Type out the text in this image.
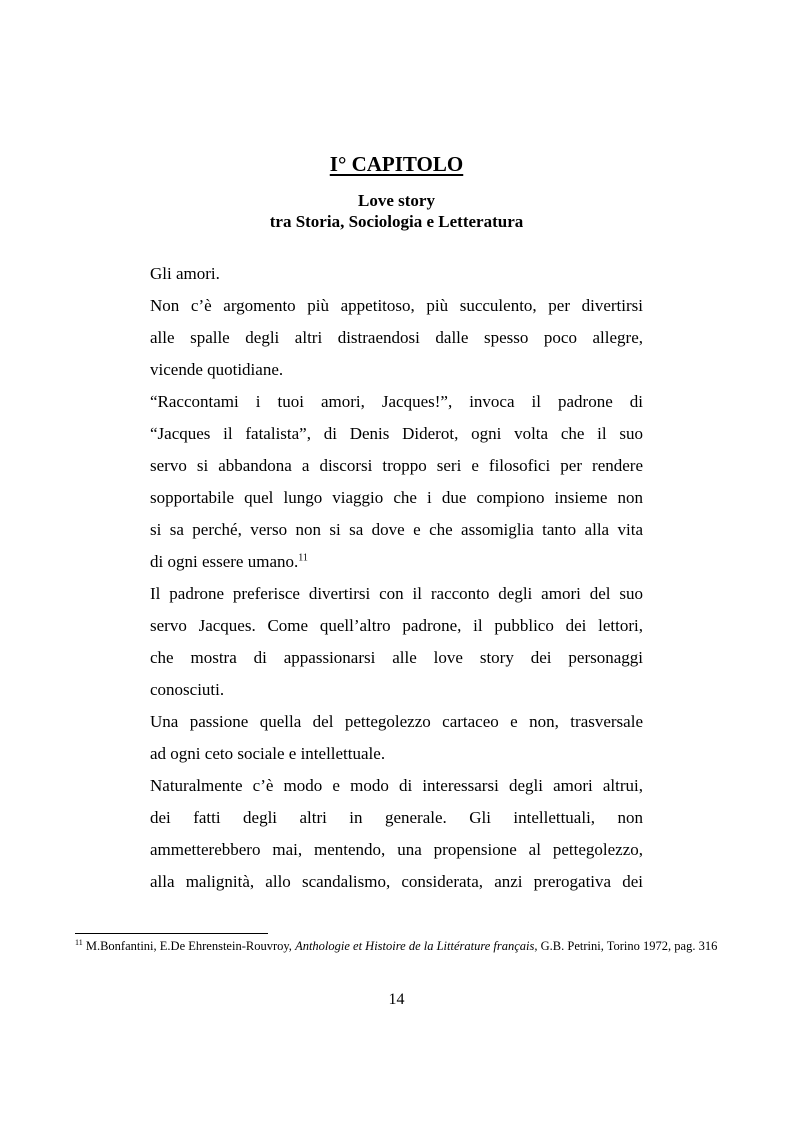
I° CAPITOLO
Love story
tra Storia, Sociologia e Letteratura
Gli amori.
Non c’è argomento più appetitoso, più succulento, per divertirsi
alle spalle degli altri distraendosi dalle spesso poco allegre,
vicende quotidiane.
“Raccontami i tuoi amori, Jacques!”, invoca il padrone di
“Jacques il fatalista”, di Denis Diderot, ogni volta che il suo
servo si abbandona a discorsi troppo seri e filosofici per rendere
sopportabile quel lungo viaggio che i due compiono insieme non
si sa perché, verso non si sa dove e che assomiglia tanto alla vita
di ogni essere umano.$^{11}$
Il padrone preferisce divertirsi con il racconto degli amori del suo
servo Jacques. Come quell’altro padrone, il pubblico dei lettori,
che mostra di appassionarsi alle love story dei personaggi
conosciuti.
Una passione quella del pettegolezzo cartaceo e non, trasversale
ad ogni ceto sociale e intellettuale.
Naturalmente c’è modo e modo di interessarsi degli amori altrui,
dei fatti degli altri in generale. Gli intellettuali, non
ammetterebbero mai, mentendo, una propensione al pettegolezzo,
alla malignità, allo scandalismo, considerata, anzi prerogativa dei
$^{11}$ M.Bonfantini, E.De Ehrenstein-Rouvroy, Anthologie et Histoire de la Littérature français, G.B. Petrini, Torino 1972, pag. 316
14
